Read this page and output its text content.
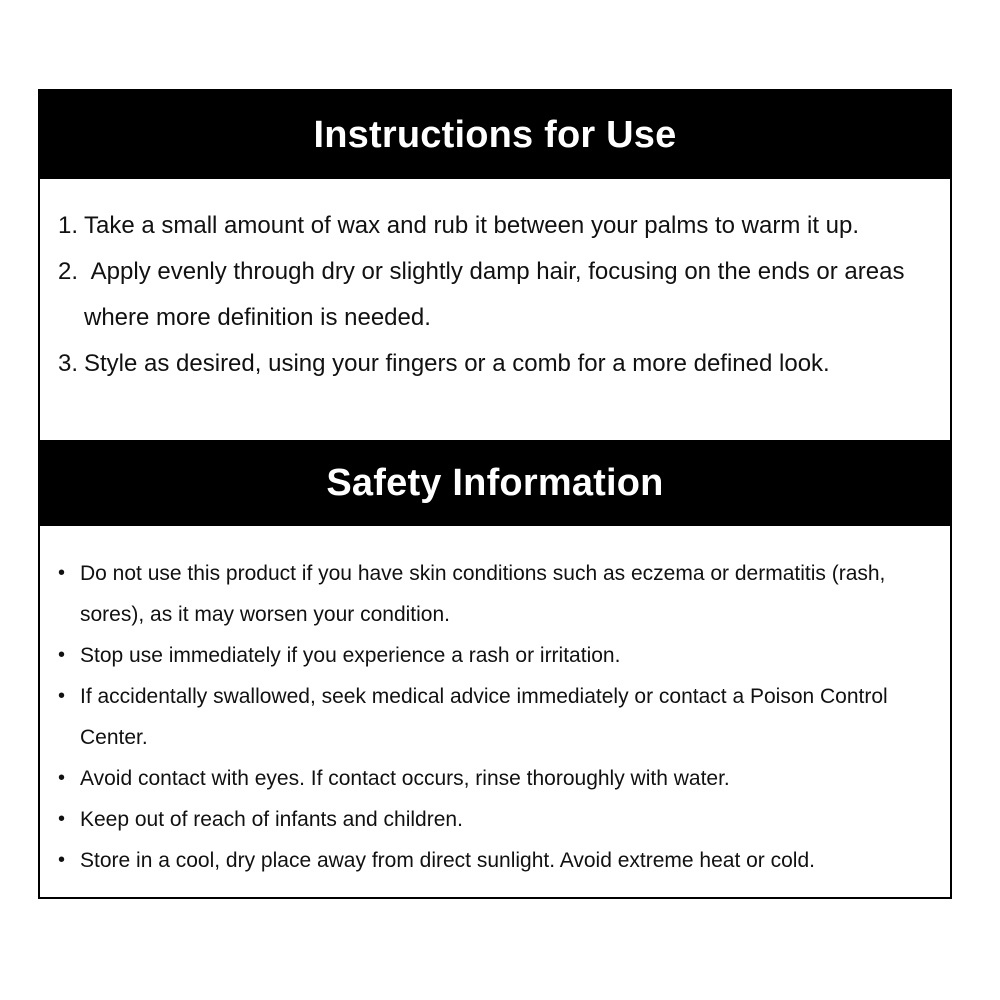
Instructions for Use
1. Take a small amount of wax and rub it between your palms to warm it up.
2. Apply evenly through dry or slightly damp hair, focusing on the ends or areas where more definition is needed.
3. Style as desired, using your fingers or a comb for a more defined look.
Safety Information
• Do not use this product if you have skin conditions such as eczema or dermatitis (rash, sores), as it may worsen your condition.
• Stop use immediately if you experience a rash or irritation.
• If accidentally swallowed, seek medical advice immediately or contact a Poison Control Center.
• Avoid contact with eyes. If contact occurs, rinse thoroughly with water.
• Keep out of reach of infants and children.
• Store in a cool, dry place away from direct sunlight. Avoid extreme heat or cold.
